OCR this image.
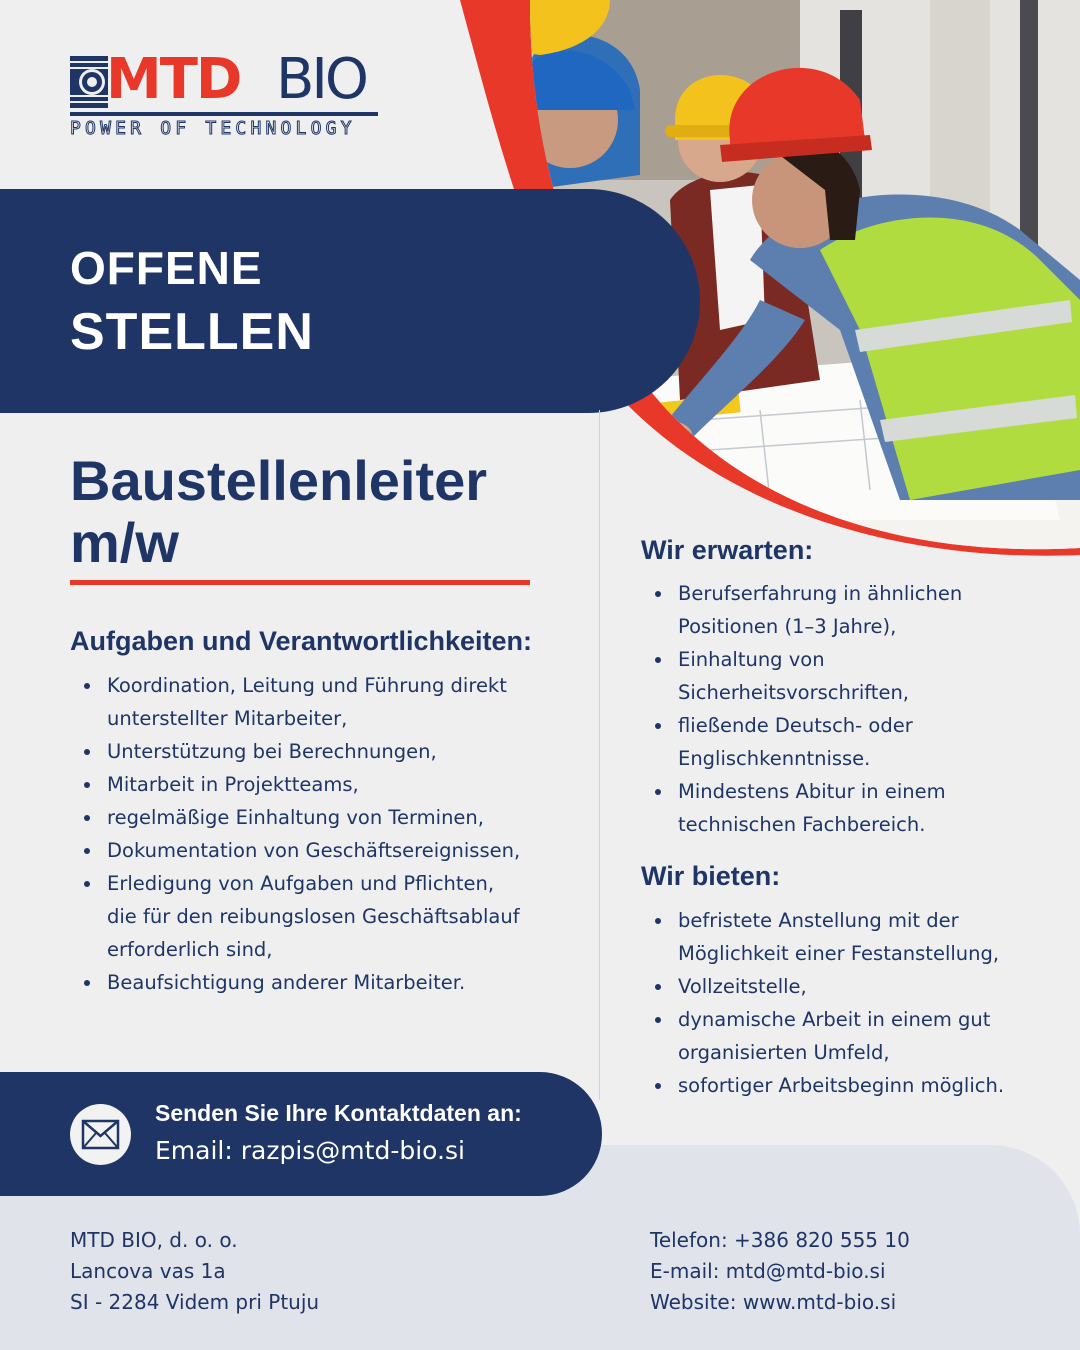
MTD BIO
POWER OF TECHNOLOGY
OFFENE
STELLEN
Baustellenleiter
m/w
Aufgaben und Verantwortlichkeiten:
Koordination, Leitung und Führung direkt
unterstellter Mitarbeiter,
Unterstützung bei Berechnungen,
Mitarbeit in Projektteams,
regelmäßige Einhaltung von Terminen,
Dokumentation von Geschäftsereignissen,
Erledigung von Aufgaben und Pflichten,
die für den reibungslosen Geschäftsablauf
erforderlich sind,
Beaufsichtigung anderer Mitarbeiter.
Wir erwarten:
Berufserfahrung in ähnlichen
Positionen (1–3 Jahre),
Einhaltung von
Sicherheitsvorschriften,
fließende Deutsch- oder
Englischkenntnisse.
Mindestens Abitur in einem
technischen Fachbereich.
Wir bieten:
befristete Anstellung mit der
Möglichkeit einer Festanstellung,
Vollzeitstelle,
dynamische Arbeit in einem gut
organisierten Umfeld,
sofortiger Arbeitsbeginn möglich.
Senden Sie Ihre Kontaktdaten an:
Email: razpis@mtd-bio.si
MTD BIO, d. o. o.
Lancova vas 1a
SI - 2284 Videm pri Ptuju
Telefon: +386 820 555 10
E-mail: mtd@mtd-bio.si
Website: www.mtd-bio.si
